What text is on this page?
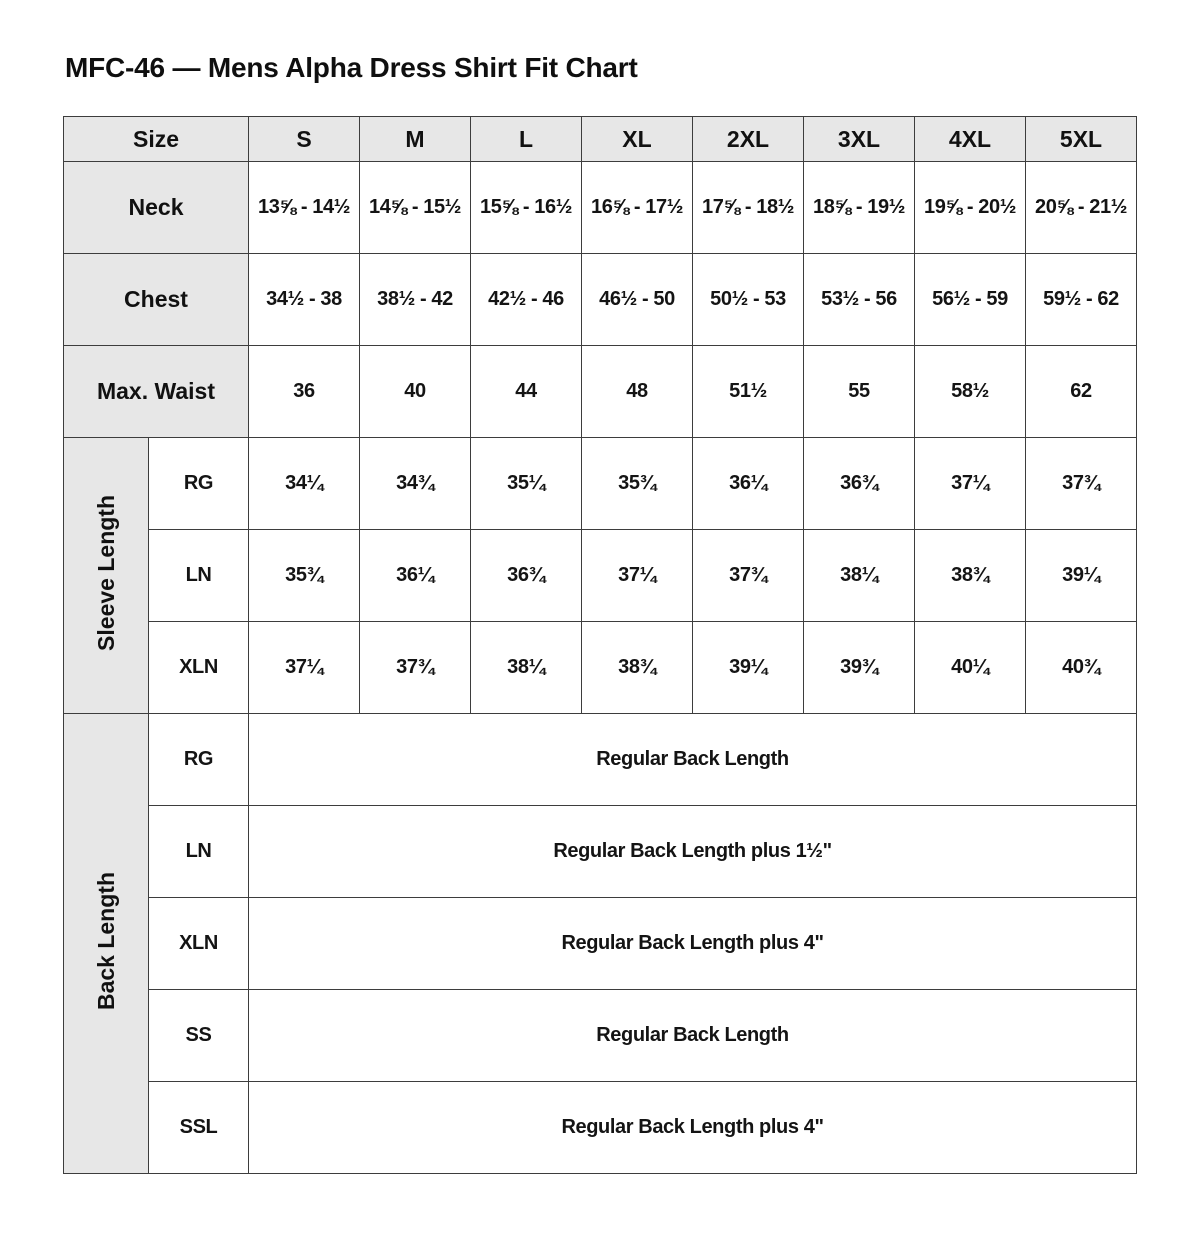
MFC-46 — Mens Alpha Dress Shirt Fit Chart
Size		S	M	L	XL	2XL	3XL	4XL	5XL
Neck		13⅝ - 14½	14⅝ - 15½	15⅝ - 16½	16⅝ - 17½	17⅝ - 18½	18⅝ - 19½	19⅝ - 20½	20⅝ - 21½
Chest		34½ - 38	38½ - 42	42½ - 46	46½ - 50	50½ - 53	53½ - 56	56½ - 59	59½ - 62
Max. Waist		36	40	44	48	51½	55	58½	62
Sleeve Length	RG	34¼	34¾	35¼	35¾	36¼	36¾	37¼	37¾
	LN	35¾	36¼	36¾	37¼	37¾	38¼	38¾	39¼
	XLN	37¼	37¾	38¼	38¾	39¼	39¾	40¼	40¾
Back Length	RG	Regular Back Length							
	LN	Regular Back Length plus 1½"							
	XLN	Regular Back Length plus 4"							
	SS	Regular Back Length							
	SSL	Regular Back Length plus 4"							
